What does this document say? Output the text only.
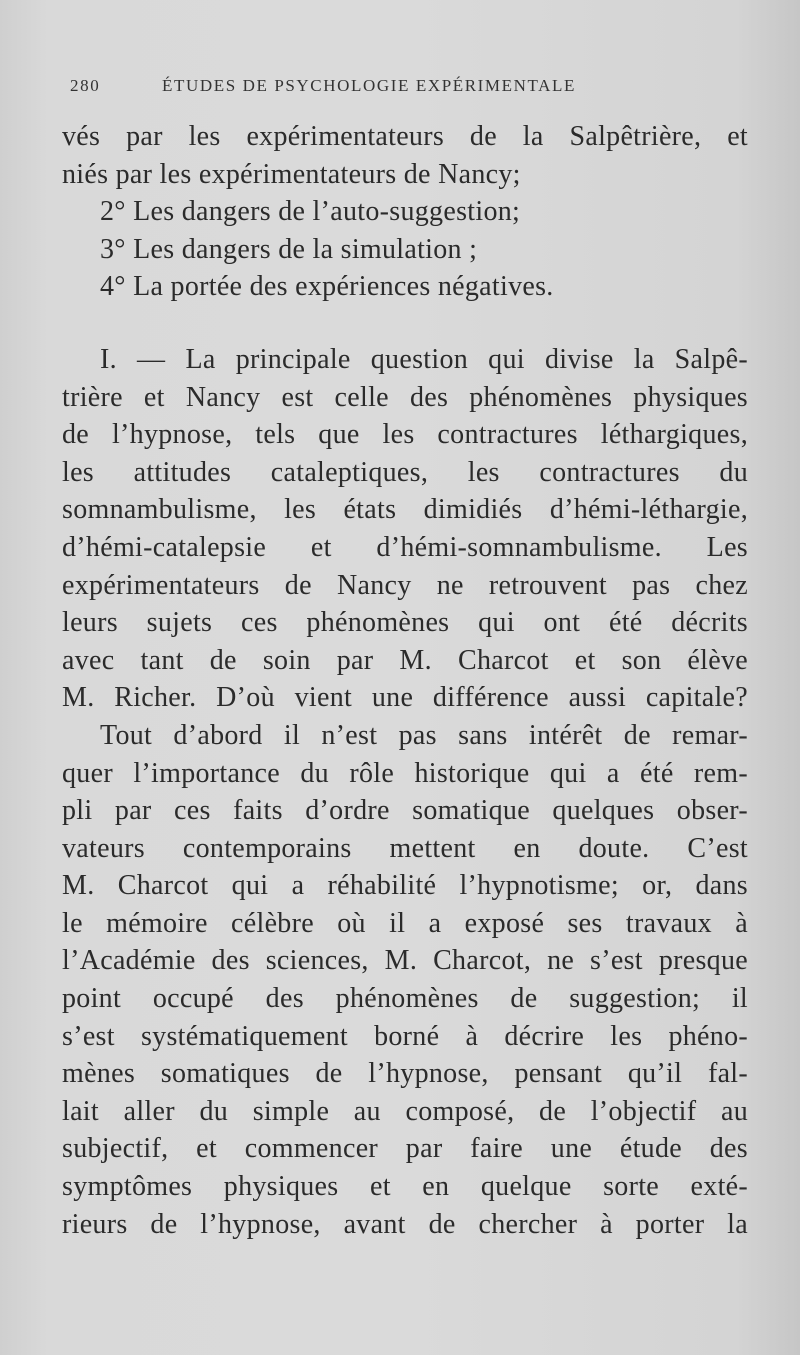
280	ÉTUDES DE PSYCHOLOGIE EXPÉRIMENTALE
vés par les expérimentateurs de la Salpêtrière, et
niés par les expérimentateurs de Nancy;
2° Les dangers de l’auto-suggestion;
3° Les dangers de la simulation ;
4° La portée des expériences négatives.
I. — La principale question qui divise la Salpê-
trière et Nancy est celle des phénomènes physiques
de l’hypnose, tels que les contractures léthargiques,
les attitudes cataleptiques, les contractures du
somnambulisme, les états dimidiés d’hémi-léthargie,
d’hémi-catalepsie et d’hémi-somnambulisme. Les
expérimentateurs de Nancy ne retrouvent pas chez
leurs sujets ces phénomènes qui ont été décrits
avec tant de soin par M. Charcot et son élève
M. Richer. D’où vient une différence aussi capitale?
Tout d’abord il n’est pas sans intérêt de remar-
quer l’importance du rôle historique qui a été rem-
pli par ces faits d’ordre somatique quelques obser-
vateurs contemporains mettent en doute. C’est
M. Charcot qui a réhabilité l’hypnotisme; or, dans
le mémoire célèbre où il a exposé ses travaux à
l’Académie des sciences, M. Charcot, ne s’est presque
point occupé des phénomènes de suggestion; il
s’est systématiquement borné à décrire les phéno-
mènes somatiques de l’hypnose, pensant qu’il fal-
lait aller du simple au composé, de l’objectif au
subjectif, et commencer par faire une étude des
symptômes physiques et en quelque sorte exté-
rieurs de l’hypnose, avant de chercher à porter la
